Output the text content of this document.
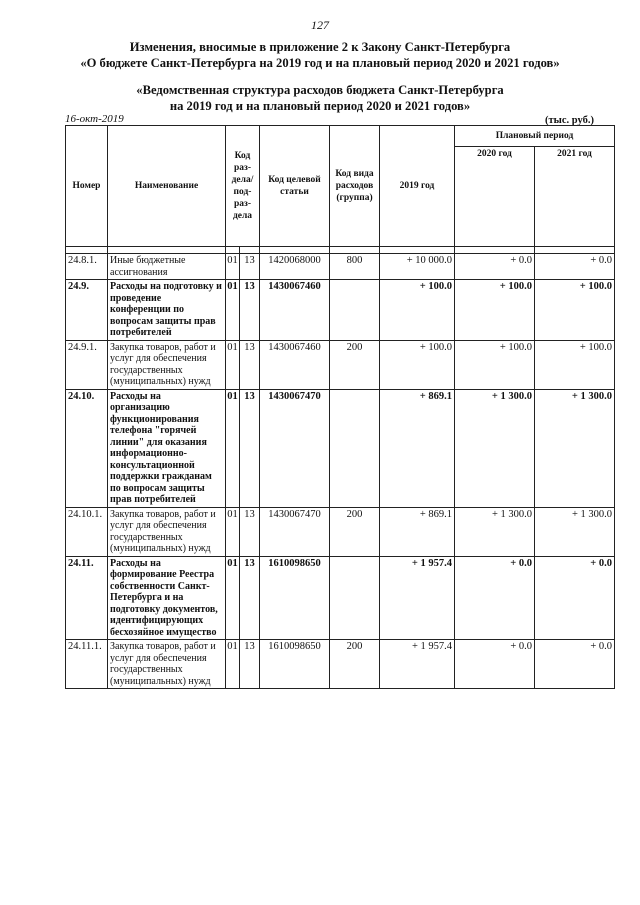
127
Изменения, вносимые в приложение 2 к Закону Санкт-Петербурга
«О бюджете Санкт-Петербурга на 2019 год и на плановый период 2020 и 2021 годов»
«Ведомственная структура расходов бюджета Санкт-Петербурга
на 2019 год и на плановый период 2020 и 2021 годов»
16-окт-2019	(тыс. руб.)
Номер	Наименование	Код раз- дела/ под- раз- дела		Код целевой статьи	Код вида расходов (группа)	2019 год	Плановый период	
							2020 год	2021 год

24.8.1.	Иные бюджетные ассигнования	01	13	1420068000	800	+ 10 000.0	+ 0.0	+ 0.0
24.9.	Расходы на подготовку и проведение конференции по вопросам защиты прав потребителей	01	13	1430067460		+ 100.0	+ 100.0	+ 100.0
24.9.1.	Закупка товаров, работ и услуг для обеспечения государственных (муниципальных) нужд	01	13	1430067460	200	+ 100.0	+ 100.0	+ 100.0
24.10.	Расходы на организацию функционирования телефона "горячей линии" для оказания информационно-консультационной поддержки гражданам по вопросам защиты прав потребителей	01	13	1430067470		+ 869.1	+ 1 300.0	+ 1 300.0
24.10.1.	Закупка товаров, работ и услуг для обеспечения государственных (муниципальных) нужд	01	13	1430067470	200	+ 869.1	+ 1 300.0	+ 1 300.0
24.11.	Расходы на формирование Реестра собственности Санкт-Петербурга и на подготовку документов, идентифицирующих бесхозяйное имущество	01	13	1610098650		+ 1 957.4	+ 0.0	+ 0.0
24.11.1.	Закупка товаров, работ и услуг для обеспечения государственных (муниципальных) нужд	01	13	1610098650	200	+ 1 957.4	+ 0.0	+ 0.0
